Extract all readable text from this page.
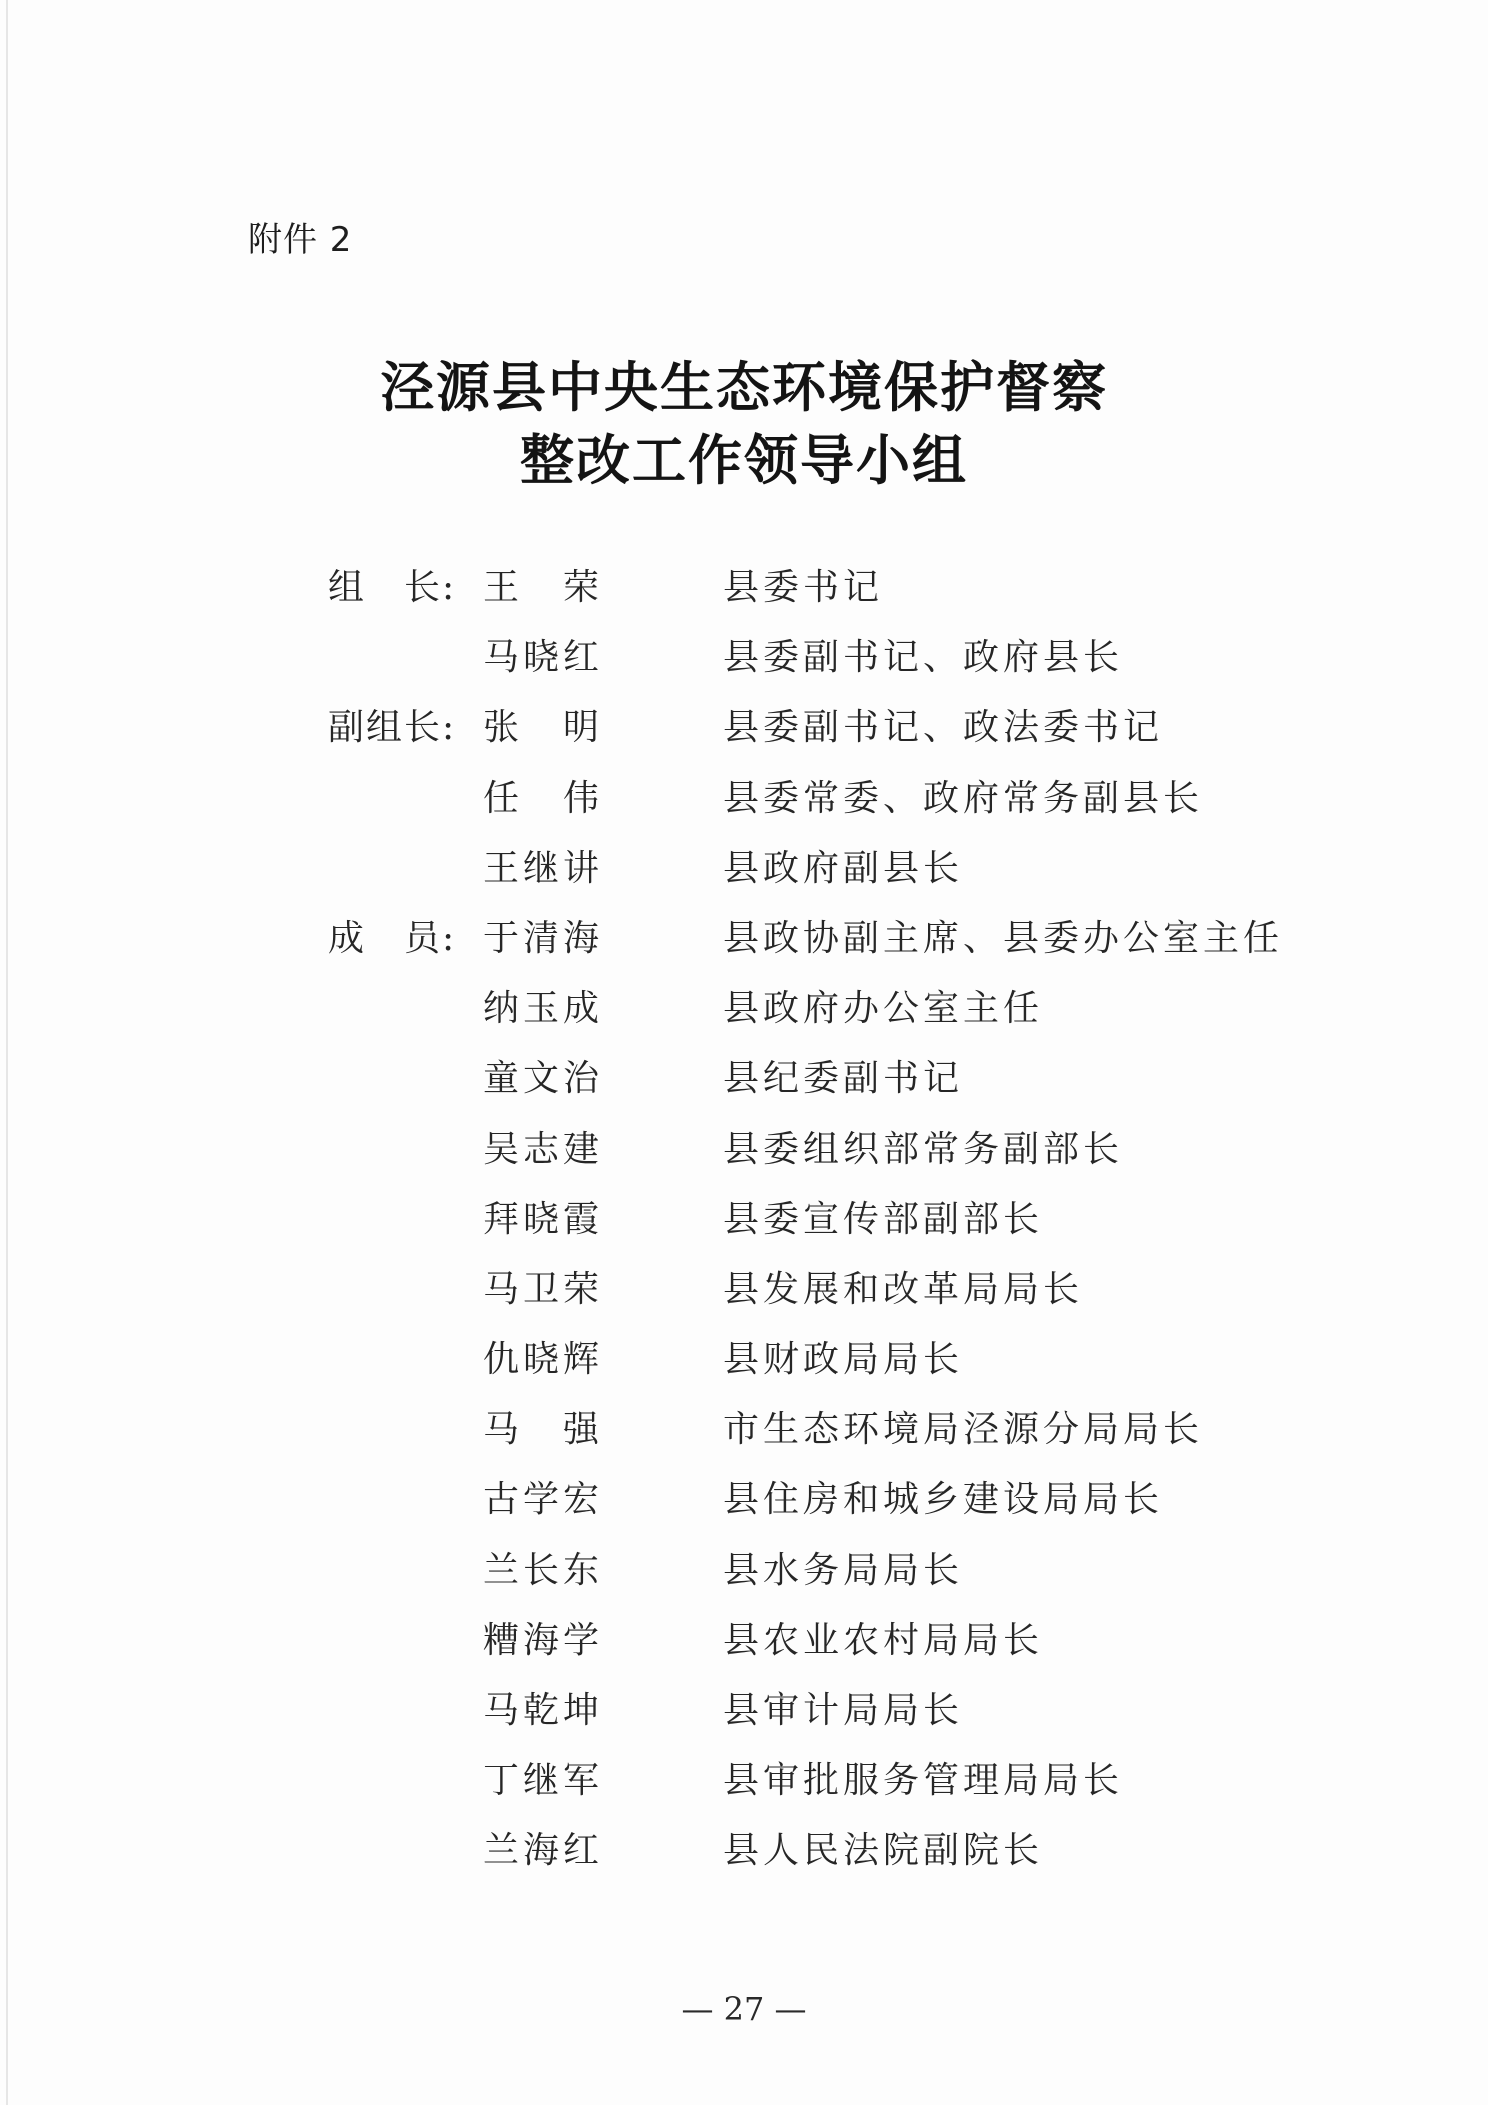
附件 2
泾源县中央生态环境保护督察
整改工作领导小组
组　长: 王　荣	县委书记
马晓红	县委副书记、政府县长
副组长: 张　明	县委副书记、政法委书记
任　伟	县委常委、政府常务副县长
王继讲	县政府副县长
成　员: 于清海	县政协副主席、县委办公室主任
纳玉成	县政府办公室主任
童文治	县纪委副书记
吴志建	县委组织部常务副部长
拜晓霞	县委宣传部副部长
马卫荣	县发展和改革局局长
仇晓辉	县财政局局长
马　强	市生态环境局泾源分局局长
古学宏	县住房和城乡建设局局长
兰长东	县水务局局长
糟海学	县农业农村局局长
马乾坤	县审计局局长
丁继军	县审批服务管理局局长
兰海红	县人民法院副院长
— 27 —
